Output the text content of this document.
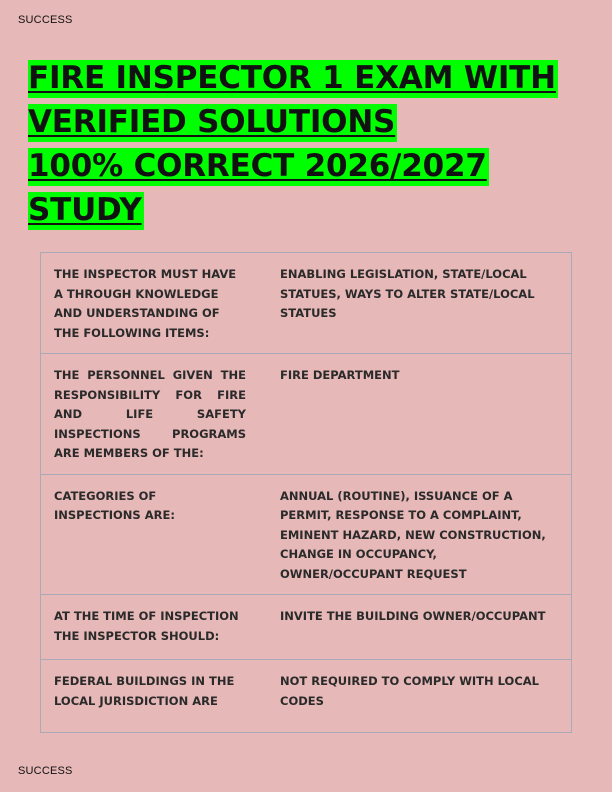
SUCCESS
FIRE INSPECTOR 1 EXAM WITH
VERIFIED SOLUTIONS
100% CORRECT 2026/2027
STUDY
THE INSPECTOR MUST HAVE A THROUGH KNOWLEDGE AND UNDERSTANDING OF THE FOLLOWING ITEMS:	ENABLING LEGISLATION, STATE/LOCAL STATUES, WAYS TO ALTER STATE/LOCAL STATUES
THE PERSONNEL GIVEN THE RESPONSIBILITY FOR FIRE AND LIFE SAFETY INSPECTIONS PROGRAMS ARE MEMBERS OF THE:	FIRE DEPARTMENT
CATEGORIES OF INSPECTIONS ARE:	ANNUAL (ROUTINE), ISSUANCE OF A PERMIT, RESPONSE TO A COMPLAINT, EMINENT HAZARD, NEW CONSTRUCTION, CHANGE IN OCCUPANCY, OWNER/OCCUPANT REQUEST
AT THE TIME OF INSPECTION THE INSPECTOR SHOULD:	INVITE THE BUILDING OWNER/OCCUPANT
FEDERAL BUILDINGS IN THE LOCAL JURISDICTION ARE	NOT REQUIRED TO COMPLY WITH LOCAL CODES
SUCCESS
